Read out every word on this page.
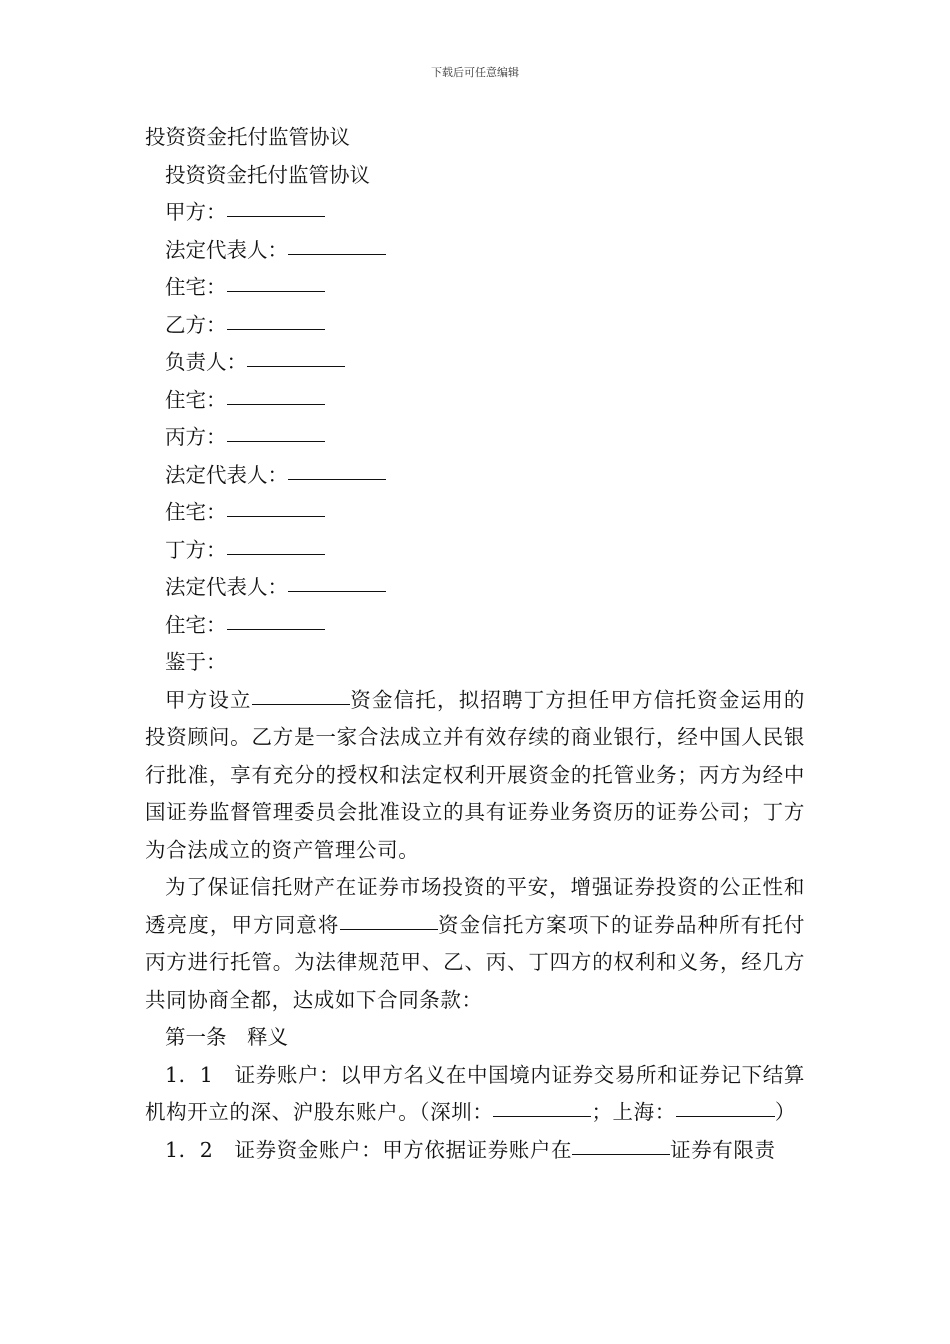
下载后可任意编辑
投资资金托付监管协议
投资资金托付监管协议
甲方：
法定代表人：
住宅：
乙方：
负责人：
住宅：
丙方：
法定代表人：
住宅：
丁方：
法定代表人：
住宅：
鉴于：
甲方设立	资金信托，拟招聘丁方担任甲方信托资金运用的投资顾问。乙方是一家合法成立并有效存续的商业银行，经中国人民银行批准，享有充分的授权和法定权利开展资金的托管业务；丙方为经中国证券监督管理委员会批准设立的具有证券业务资历的证券公司；丁方为合法成立的资产管理公司。
为了保证信托财产在证券市场投资的平安，增强证券投资的公正性和透亮度，甲方同意将	资金信托方案项下的证券品种所有托付丙方进行托管。为法律规范甲、乙、丙、丁四方的权利和义务，经几方共同协商全都，达成如下合同条款：
第一条　释义
1．1　 证券账户：以甲方名义在中国境内证券交易所和证券记下结算机构开立的深、沪股东账户。（深圳：	；上海：	）
1．2　 证券资金账户：甲方依据证券账户在	证券有限责
